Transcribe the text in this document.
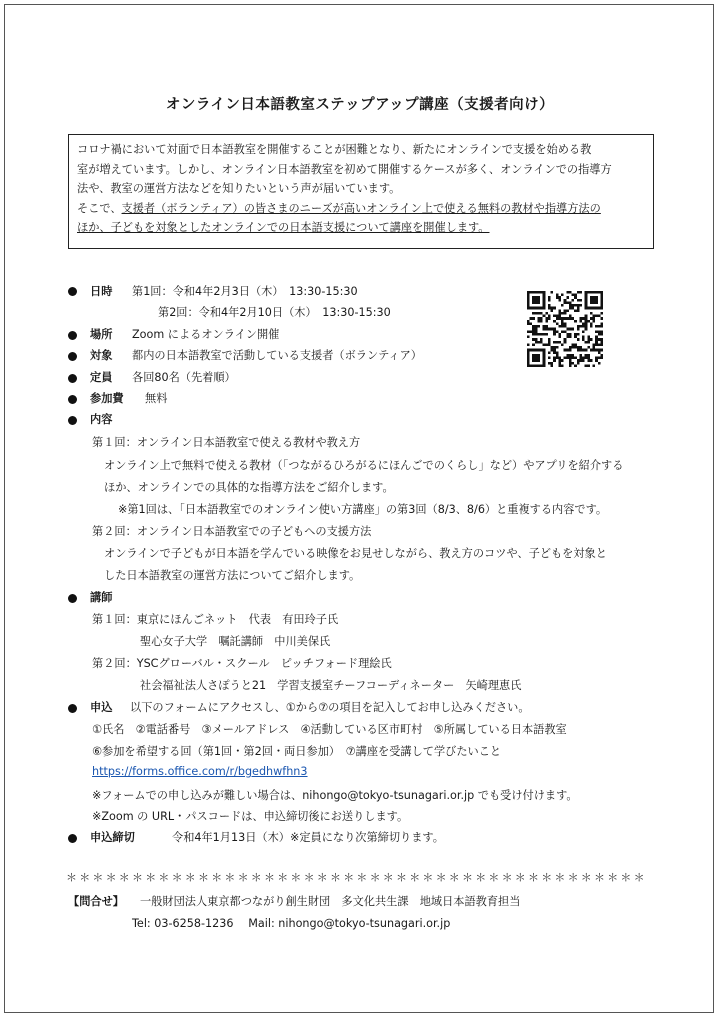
オンライン日本語教室ステップアップ講座（支援者向け）

コロナ禍において対面で日本語教室を開催することが困難となり、新たにオンラインで支援を始める教

室が増えています。しかし、オンライン日本語教室を初めて開催するケースが多く、オンラインでの指導方

法や、教室の運営方法などを知りたいという声が届いています。

そこで、支援者（ボランティア）の皆さまのニーズが高いオンライン上で使える無料の教材や指導方法の

ほか、子どもを対象としたオンラインでの日本語支援について講座を開催します。

日時 第1回：令和4年2月3日（木）　13:30-15:30
第2回：令和4年2月10日（木）　13:30-15:30
場所 Zoom によるオンライン開催
対象 都内の日本語教室で活動している支援者（ボランティア）
定員 各回80名（先着順）
参加費 無料
内容
第１回：オンライン日本語教室で使える教材や教え方
オンライン上で無料で使える教材（「つながるひろがるにほんごでのくらし」など）やアプリを紹介する
ほか、オンラインでの具体的な指導方法をご紹介します。
※第1回は、「日本語教室でのオンライン使い方講座」の第3回（8/3、8/6）と重複する内容です。
第２回：オンライン日本語教室での子どもへの支援方法
オンラインで子どもが日本語を学んでいる映像をお見せしながら、教え方のコツや、子どもを対象と
した日本語教室の運営方法についてご紹介します。
講師
第１回：東京にほんごネット　代表　有田玲子氏
聖心女子大学　嘱託講師　中川美保氏
第２回：YSCグローバル・スクール　ピッチフォード理絵氏
社会福祉法人さぽうと21　学習支援室チーフコーディネーター　矢崎理恵氏
申込 以下のフォームにアクセスし、①から⑦の項目を記入してお申し込みください。
①氏名　②電話番号　③メールアドレス　④活動している区市町村　⑤所属している日本語教室
⑥参加を希望する回（第1回・第2回・両日参加）　⑦講座を受講して学びたいこと
https://forms.office.com/r/bgedhwfhn3
※フォームでの申し込みが難しい場合は、nihongo@tokyo-tsunagari.or.jp でも受け付けます。
※Zoom の URL・パスコードは、申込締切後にお送りします。
申込締切	令和4年1月13日（木）※定員になり次第締切ります。
＊＊＊＊＊＊＊＊＊＊＊＊＊＊＊＊＊＊＊＊＊＊＊＊＊＊＊＊＊＊＊＊＊＊＊＊＊＊＊＊＊＊＊＊
【問合せ】 一般財団法人東京都つながり創生財団　多文化共生課　地域日本語教育担当
Tel: 03-6258-1236　 Mail: nihongo@tokyo-tsunagari.or.jp
